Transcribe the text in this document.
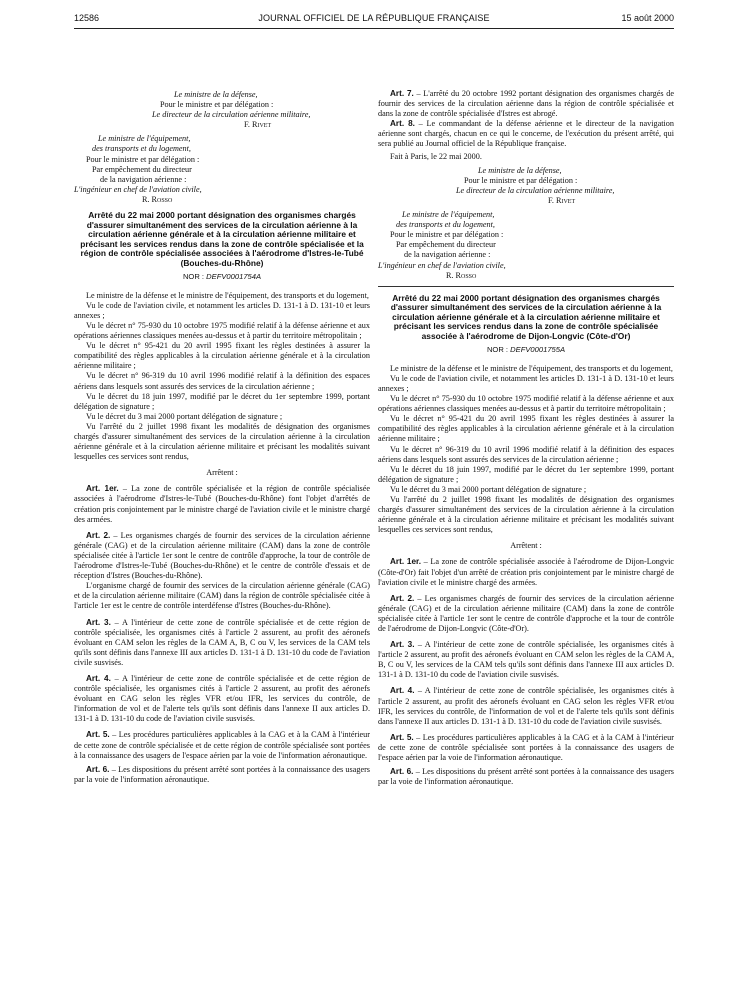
12586	JOURNAL OFFICIEL DE LA RÉPUBLIQUE FRANÇAISE	15 août 2000

Le ministre de la défense,

Pour le ministre et par délégation :

Le directeur de la circulation aérienne militaire,

F. Rivet

Le ministre de l'équipement,

des transports et du logement,

Pour le ministre et par délégation :

Par empêchement du directeur

de la navigation aérienne :

L'ingénieur en chef de l'aviation civile,

R. Rosso

Arrêté du 22 mai 2000 portant désignation des organismes chargés d'assurer simultanément des services de la circulation aérienne à la circulation aérienne générale et à la circulation aérienne militaire et précisant les services rendus dans la zone de contrôle spécialisée et la région de contrôle spécialisée associées à l'aérodrome d'Istres-le-Tubé (Bouches-du-Rhône)

NOR : DEFV0001754A

Le ministre de la défense et le ministre de l'équipement, des transports et du logement,

Vu le code de l'aviation civile, et notamment les articles D. 131-1 à D. 131-10 et leurs annexes ;

Vu le décret n° 75-930 du 10 octobre 1975 modifié relatif à la défense aérienne et aux opérations aériennes classiques menées au-dessus et à partir du territoire métropolitain ;

Vu le décret n° 95-421 du 20 avril 1995 fixant les règles destinées à assurer la compatibilité des règles applicables à la circulation aérienne générale et à la circulation aérienne militaire ;

Vu le décret n° 96-319 du 10 avril 1996 modifié relatif à la définition des espaces aériens dans lesquels sont assurés des services de la circulation aérienne ;

Vu le décret du 18 juin 1997, modifié par le décret du 1er septembre 1999, portant délégation de signature ;

Vu le décret du 3 mai 2000 portant délégation de signature ;

Vu l'arrêté du 2 juillet 1998 fixant les modalités de désignation des organismes chargés d'assurer simultanément des services de la circulation aérienne à la circulation aérienne générale et à la circulation aérienne militaire et précisant les modalités suivant lesquelles ces services sont rendus,

Arrêtent :

Art. 1er. – La zone de contrôle spécialisée et la région de contrôle spécialisée associées à l'aérodrome d'Istres-le-Tubé (Bouches-du-Rhône) font l'objet d'arrêtés de création pris conjointement par le ministre chargé de l'aviation civile et le ministre chargé des armées.

Art. 2. – Les organismes chargés de fournir des services de la circulation aérienne générale (CAG) et de la circulation aérienne militaire (CAM) dans la zone de contrôle spécialisée citée à l'article 1er sont le centre de contrôle d'approche, la tour de contrôle de l'aérodrome d'Istres-le-Tubé (Bouches-du-Rhône) et le centre de contrôle d'essais et de réception d'Istres (Bouches-du-Rhône).

L'organisme chargé de fournir des services de la circulation aérienne générale (CAG) et de la circulation aérienne militaire (CAM) dans la région de contrôle spécialisée citée à l'article 1er est le centre de contrôle interdéfense d'Istres (Bouches-du-Rhône).

Art. 3. – A l'intérieur de cette zone de contrôle spécialisée et de cette région de contrôle spécialisée, les organismes cités à l'article 2 assurent, au profit des aéronefs évoluant en CAM selon les règles de la CAM A, B, C ou V, les services de la CAM tels qu'ils sont définis dans l'annexe III aux articles D. 131-1 à D. 131-10 du code de l'aviation civile susvisés.

Art. 4. – A l'intérieur de cette zone de contrôle spécialisée et de cette région de contrôle spécialisée, les organismes cités à l'article 2 assurent, au profit des aéronefs évoluant en CAG selon les règles VFR et/ou IFR, les services du contrôle, de l'information de vol et de l'alerte tels qu'ils sont définis dans l'annexe II aux articles D. 131-1 à D. 131-10 du code de l'aviation civile susvisés.

Art. 5. – Les procédures particulières applicables à la CAG et à la CAM à l'intérieur de cette zone de contrôle spécialisée et de cette région de contrôle spécialisée sont portées à la connaissance des usagers de l'espace aérien par la voie de l'information aéronautique.

Art. 6. – Les dispositions du présent arrêté sont portées à la connaissance des usagers par la voie de l'information aéronautique.

Art. 7. – L'arrêté du 20 octobre 1992 portant désignation des organismes chargés de fournir des services de la circulation aérienne dans la région de contrôle spécialisée et dans la zone de contrôle spécialisée d'Istres est abrogé.

Art. 8. – Le commandant de la défense aérienne et le directeur de la navigation aérienne sont chargés, chacun en ce qui le concerne, de l'exécution du présent arrêté, qui sera publié au Journal officiel de la République française.

Fait à Paris, le 22 mai 2000.

Le ministre de la défense,

Pour le ministre et par délégation :

Le directeur de la circulation aérienne militaire,

F. Rivet

Le ministre de l'équipement,

des transports et du logement,

Pour le ministre et par délégation :

Par empêchement du directeur

de la navigation aérienne :

L'ingénieur en chef de l'aviation civile,

R. Rosso

Arrêté du 22 mai 2000 portant désignation des organismes chargés d'assurer simultanément des services de la circulation aérienne à la circulation aérienne générale et à la circulation aérienne militaire et précisant les services rendus dans la zone de contrôle spécialisée associée à l'aérodrome de Dijon-Longvic (Côte-d'Or)

NOR : DEFV0001755A

Le ministre de la défense et le ministre de l'équipement, des transports et du logement,

Vu le code de l'aviation civile, et notamment les articles D. 131-1 à D. 131-10 et leurs annexes ;

Vu le décret n° 75-930 du 10 octobre 1975 modifié relatif à la défense aérienne et aux opérations aériennes classiques menées au-dessus et à partir du territoire métropolitain ;

Vu le décret n° 95-421 du 20 avril 1995 fixant les règles destinées à assurer la compatibilité des règles applicables à la circulation aérienne générale et à la circulation aérienne militaire ;

Vu le décret n° 96-319 du 10 avril 1996 modifié relatif à la définition des espaces aériens dans lesquels sont assurés des services de la circulation aérienne ;

Vu le décret du 18 juin 1997, modifié par le décret du 1er septembre 1999, portant délégation de signature ;

Vu le décret du 3 mai 2000 portant délégation de signature ;

Vu l'arrêté du 2 juillet 1998 fixant les modalités de désignation des organismes chargés d'assurer simultanément des services de la circulation aérienne à la circulation aérienne générale et à la circulation aérienne militaire et précisant les modalités suivant lesquelles ces services sont rendus,

Arrêtent :

Art. 1er. – La zone de contrôle spécialisée associée à l'aérodrome de Dijon-Longvic (Côte-d'Or) fait l'objet d'un arrêté de création pris conjointement par le ministre chargé de l'aviation civile et le ministre chargé des armées.

Art. 2. – Les organismes chargés de fournir des services de la circulation aérienne générale (CAG) et de la circulation aérienne militaire (CAM) dans la zone de contrôle spécialisée citée à l'article 1er sont le centre de contrôle d'approche et la tour de contrôle de l'aérodrome de Dijon-Longvic (Côte-d'Or).

Art. 3. – A l'intérieur de cette zone de contrôle spécialisée, les organismes cités à l'article 2 assurent, au profit des aéronefs évoluant en CAM selon les règles de la CAM A, B, C ou V, les services de la CAM tels qu'ils sont définis dans l'annexe III aux articles D. 131-1 à D. 131-10 du code de l'aviation civile susvisés.

Art. 4. – A l'intérieur de cette zone de contrôle spécialisée, les organismes cités à l'article 2 assurent, au profit des aéronefs évoluant en CAG selon les règles VFR et/ou IFR, les services du contrôle, de l'information de vol et de l'alerte tels qu'ils sont définis dans l'annexe II aux articles D. 131-1 à D. 131-10 du code de l'aviation civile susvisés.

Art. 5. – Les procédures particulières applicables à la CAG et à la CAM à l'intérieur de cette zone de contrôle spécialisée sont portées à la connaissance des usagers de l'espace aérien par la voie de l'information aéronautique.

Art. 6. – Les dispositions du présent arrêté sont portées à la connaissance des usagers par la voie de l'information aéronautique.
